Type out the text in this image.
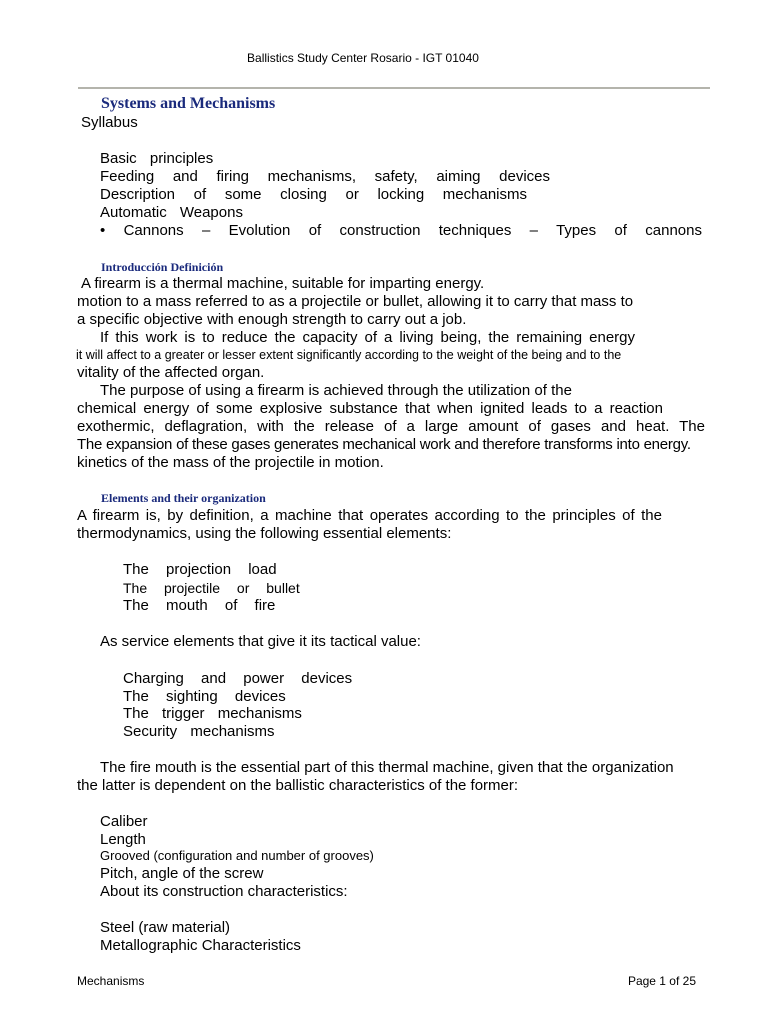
Ballistics Study Center Rosario - IGT 01040
Systems and Mechanisms
Syllabus
Basic principles
Feeding and firing mechanisms, safety, aiming devices
Description of some closing or locking mechanisms
Automatic Weapons
• Cannons – Evolution of construction techniques – Types of cannons
Introducción Definición
A firearm is a thermal machine, suitable for imparting energy.
motion to a mass referred to as a projectile or bullet, allowing it to carry that mass to
a specific objective with enough strength to carry out a job.
If this work is to reduce the capacity of a living being, the remaining energy
it will affect to a greater or lesser extent significantly according to the weight of the being and to the
vitality of the affected organ.
The purpose of using a firearm is achieved through the utilization of the
chemical energy of some explosive substance that when ignited leads to a reaction
exothermic, deflagration, with the release of a large amount of gases and heat. The
The expansion of these gases generates mechanical work and therefore transforms into energy.
kinetics of the mass of the projectile in motion.
Elements and their organization
A firearm is, by definition, a machine that operates according to the principles of the
thermodynamics, using the following essential elements:
The projection load
The projectile or bullet
The mouth of fire
As service elements that give it its tactical value:
Charging and power devices
The sighting devices
The trigger mechanisms
Security mechanisms
The fire mouth is the essential part of this thermal machine, given that the organization
the latter is dependent on the ballistic characteristics of the former:
Caliber
Length
Grooved (configuration and number of grooves)
Pitch, angle of the screw
About its construction characteristics:
Steel (raw material)
Metallographic Characteristics
Mechanisms	Page 1 of 25
